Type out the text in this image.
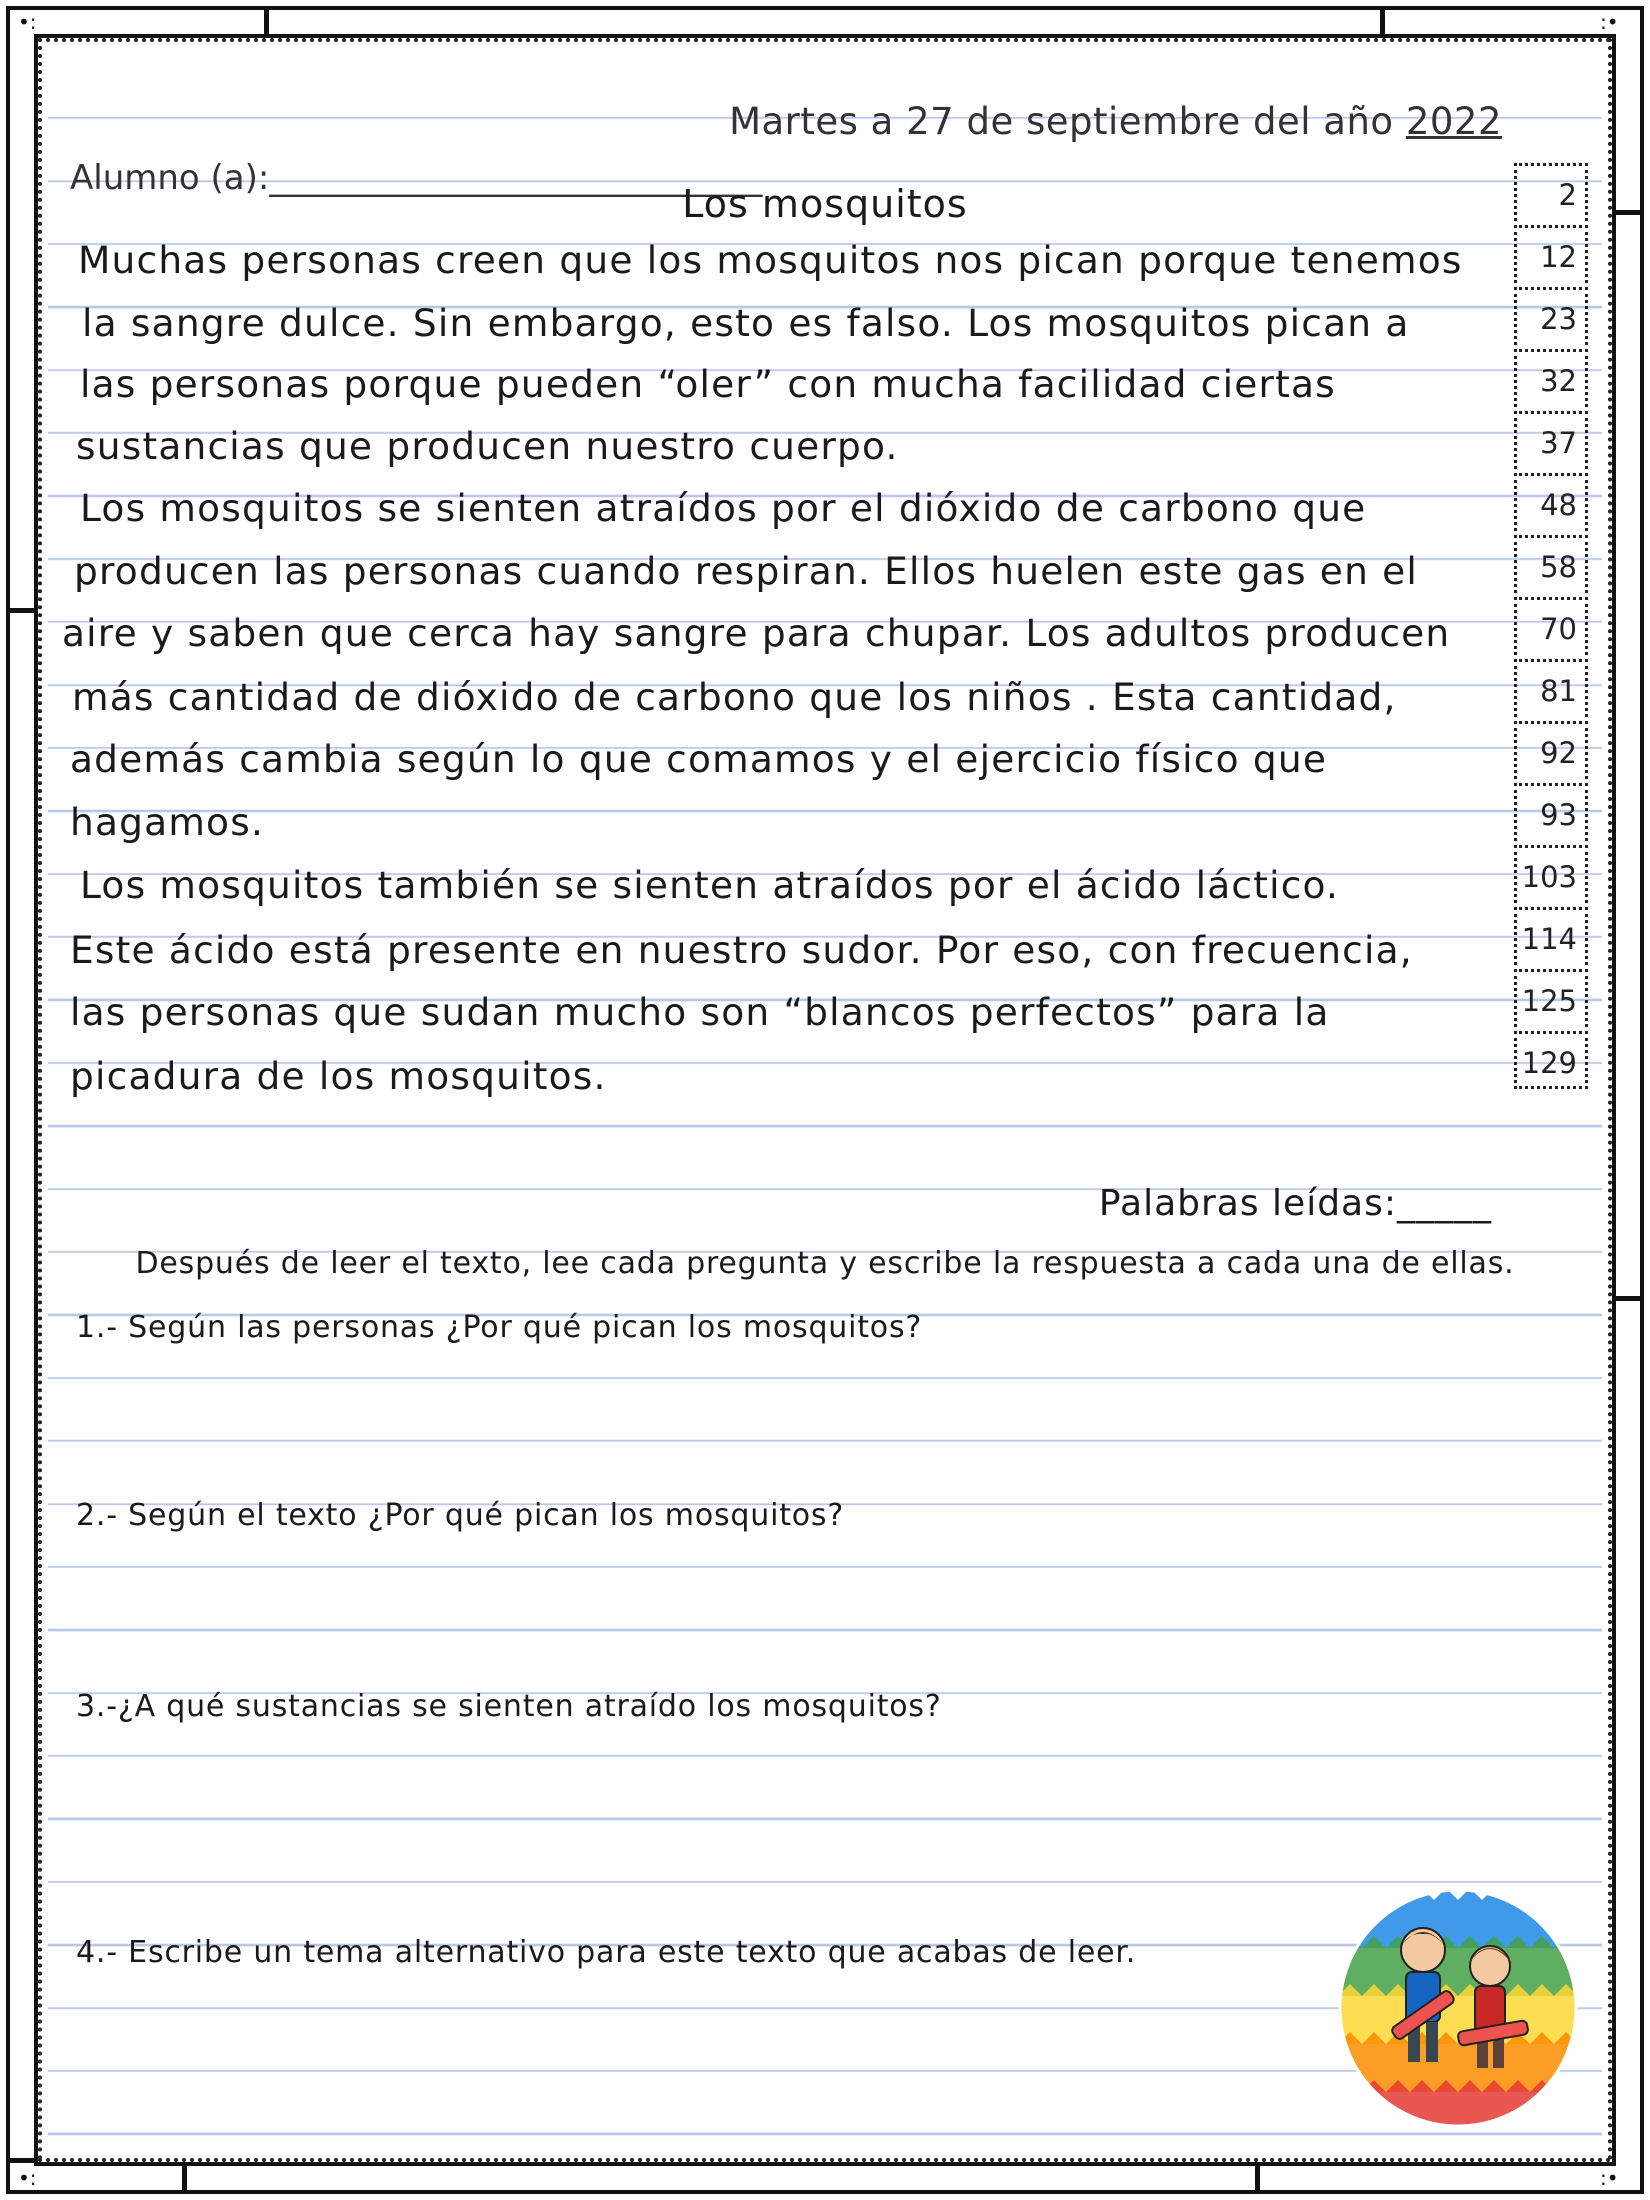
•:	:•
•:	:•
Martes a 27 de septiembre del año 2022
Alumno (a):_____________________________
Los mosquitos
Muchas personas creen que los mosquitos nos pican porque tenemos
la sangre dulce. Sin embargo, esto es falso. Los mosquitos pican a
las personas porque pueden “oler” con mucha facilidad ciertas
sustancias que producen nuestro cuerpo.
Los mosquitos se sienten atraídos por el dióxido de carbono que
producen las personas cuando respiran. Ellos huelen este gas en el
aire y saben que cerca hay sangre para chupar. Los adultos producen
más cantidad de dióxido de carbono que los niños . Esta cantidad,
además cambia según lo que comamos y el ejercicio físico que
hagamos.
Los mosquitos también se sienten atraídos por el ácido láctico.
Este ácido está presente en nuestro sudor. Por eso, con frecuencia,
las personas que sudan mucho son “blancos perfectos” para la
picadura de los mosquitos.
2
12
23
32
37
48
58
70
81
92
93
103
114
125
129
Palabras leídas:_____
Después de leer el texto, lee cada pregunta y escribe la respuesta a cada una de ellas.
1.- Según las personas ¿Por qué pican los mosquitos?
2.- Según el texto ¿Por qué pican los mosquitos?
3.-¿A qué sustancias se sienten atraído los mosquitos?
4.- Escribe un tema alternativo para este texto que acabas de leer.
